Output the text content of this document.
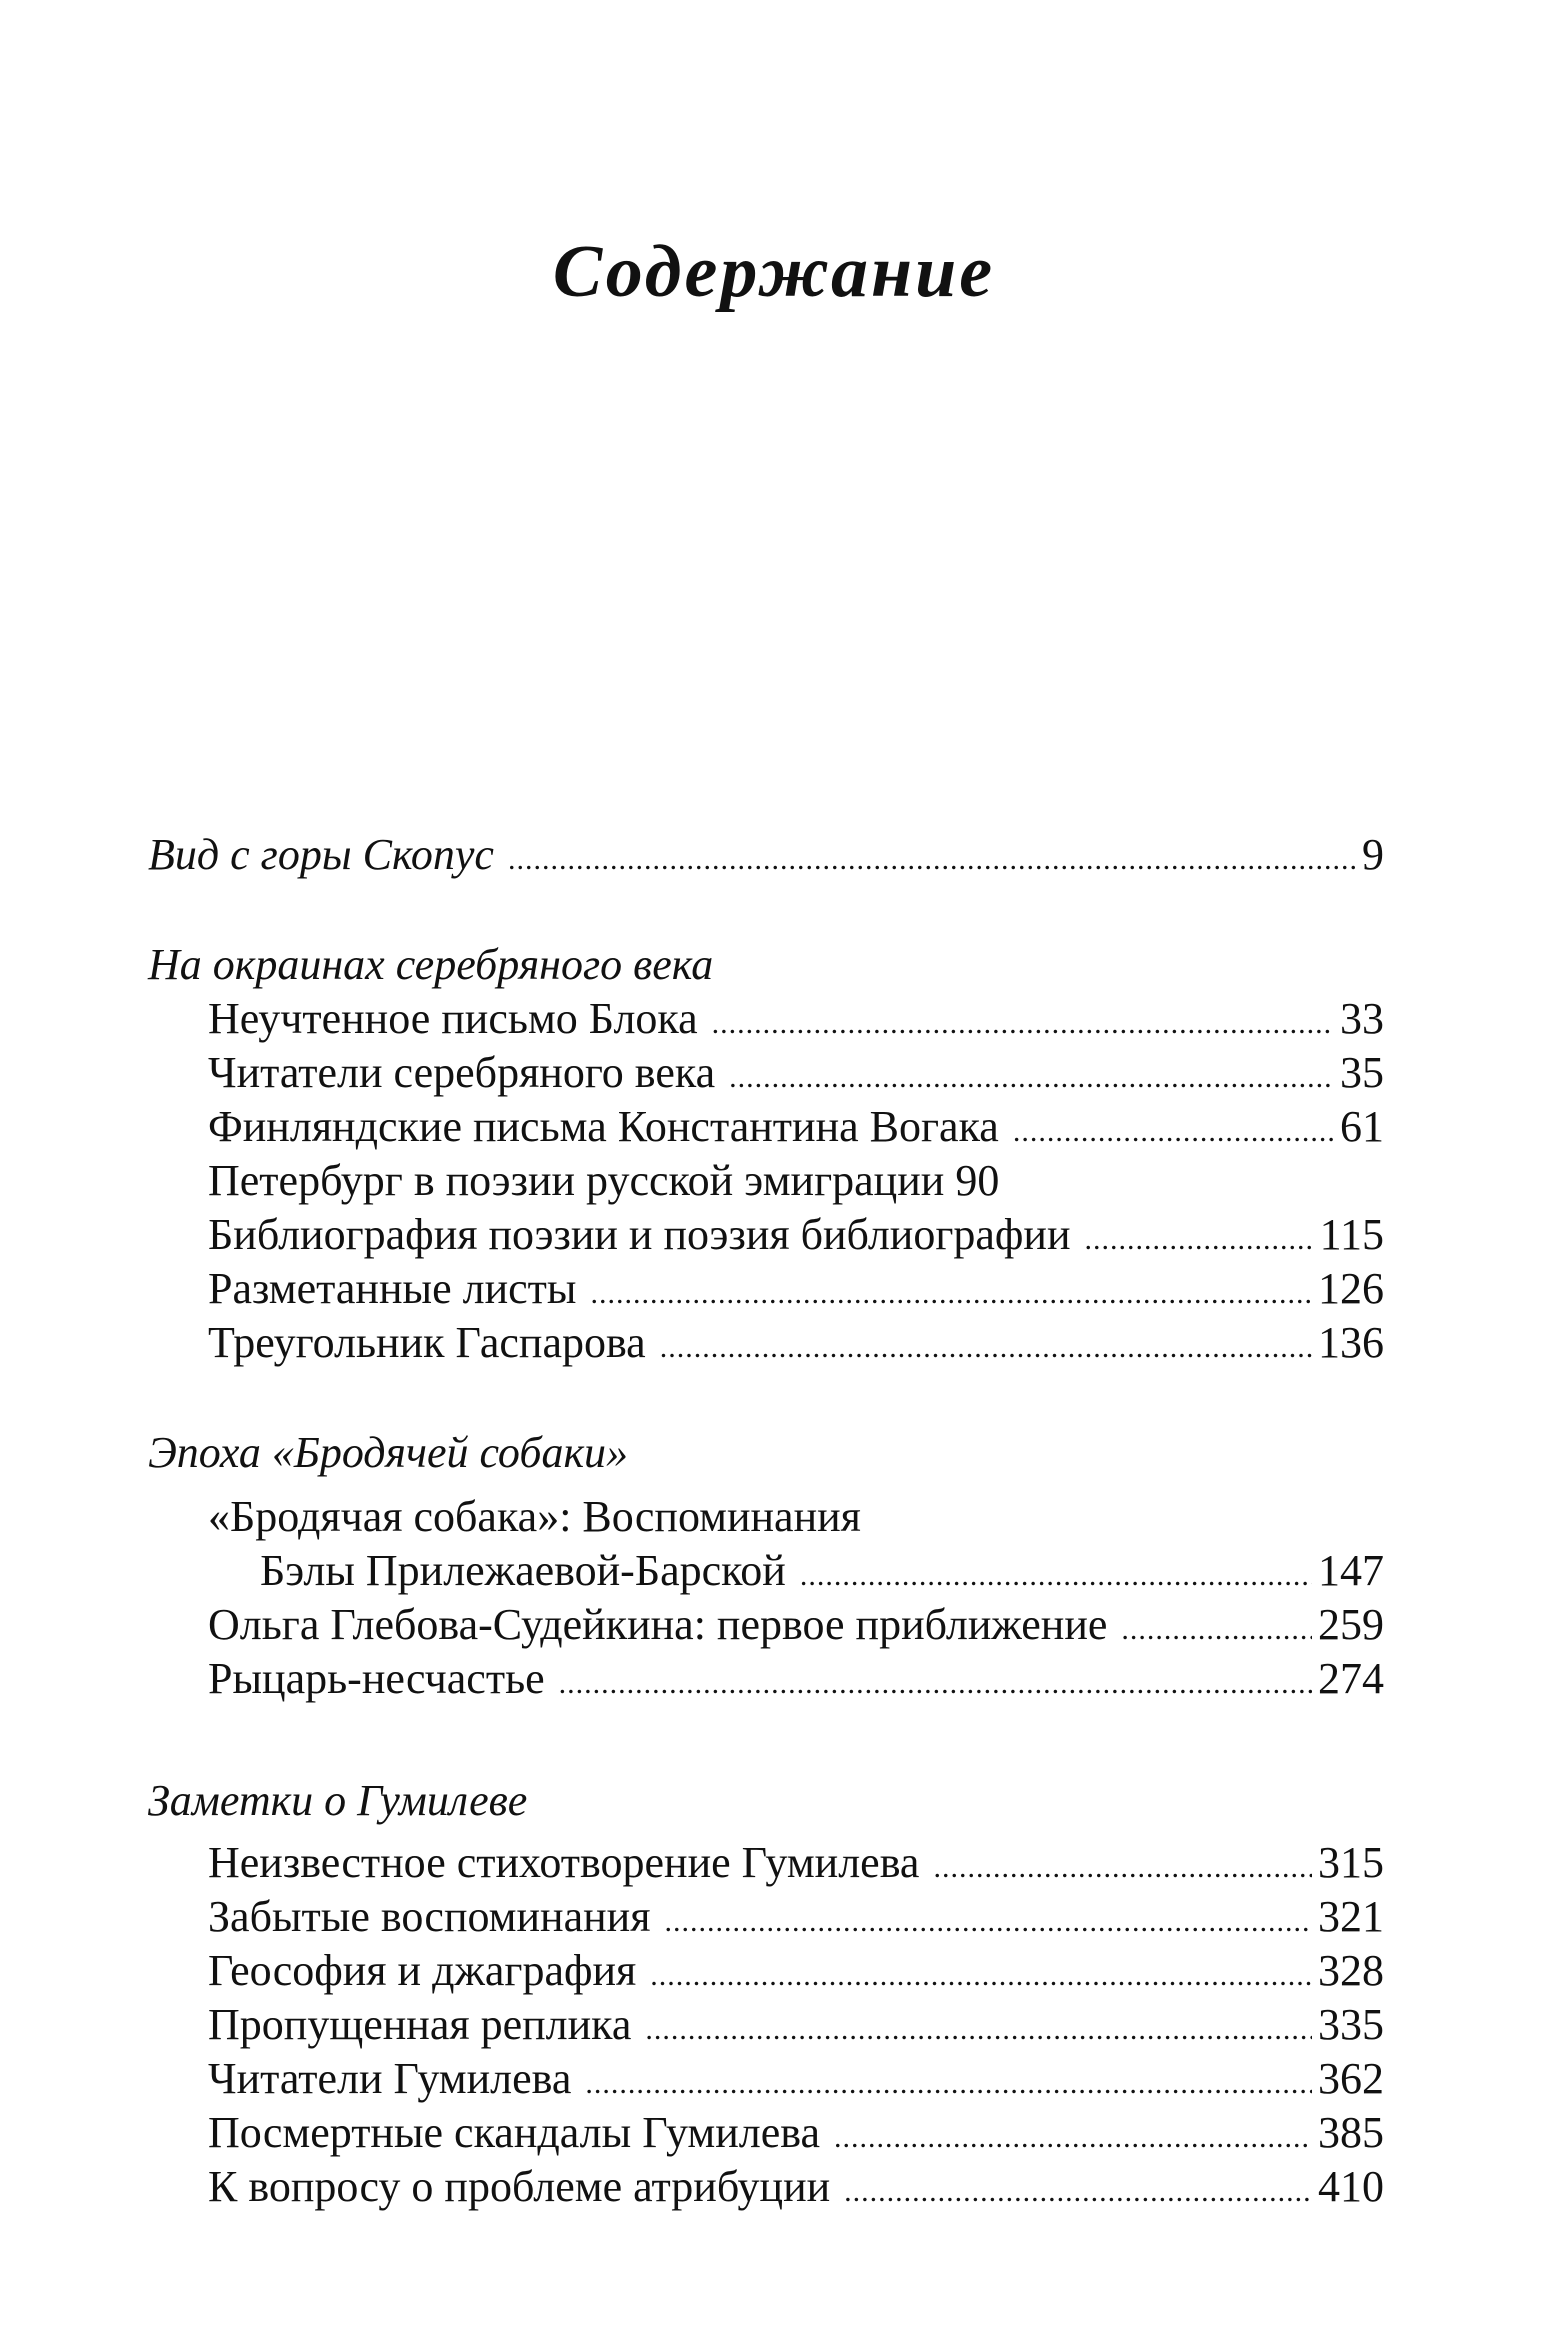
Содержание
Вид с горы Скопус .....	9
На окраинах серебряного века
Неучтенное письмо Блока .....	33
Читатели серебряного века .....	35
Финляндские письма Константина Вогака .....	61
Петербург в поэзии русской эмиграции 90
Библиография поэзии и поэзия библиографии .....	115
Разметанные листы .....	126
Треугольник Гаспарова .....	136
Эпоха «Бродячей собаки»
«Бродячая собака»: Воспоминания
Бэлы Прилежаевой-Барской .....	147
Ольга Глебова-Судейкина: первое приближение .....	259
Рыцарь-несчастье .....	274
Заметки о Гумилеве
Неизвестное стихотворение Гумилева .....	315
Забытые воспоминания .....	321
Геософия и джаграфия .....	328
Пропущенная реплика .....	335
Читатели Гумилева .....	362
Посмертные скандалы Гумилева .....	385
К вопросу о проблеме атрибуции .....	410
